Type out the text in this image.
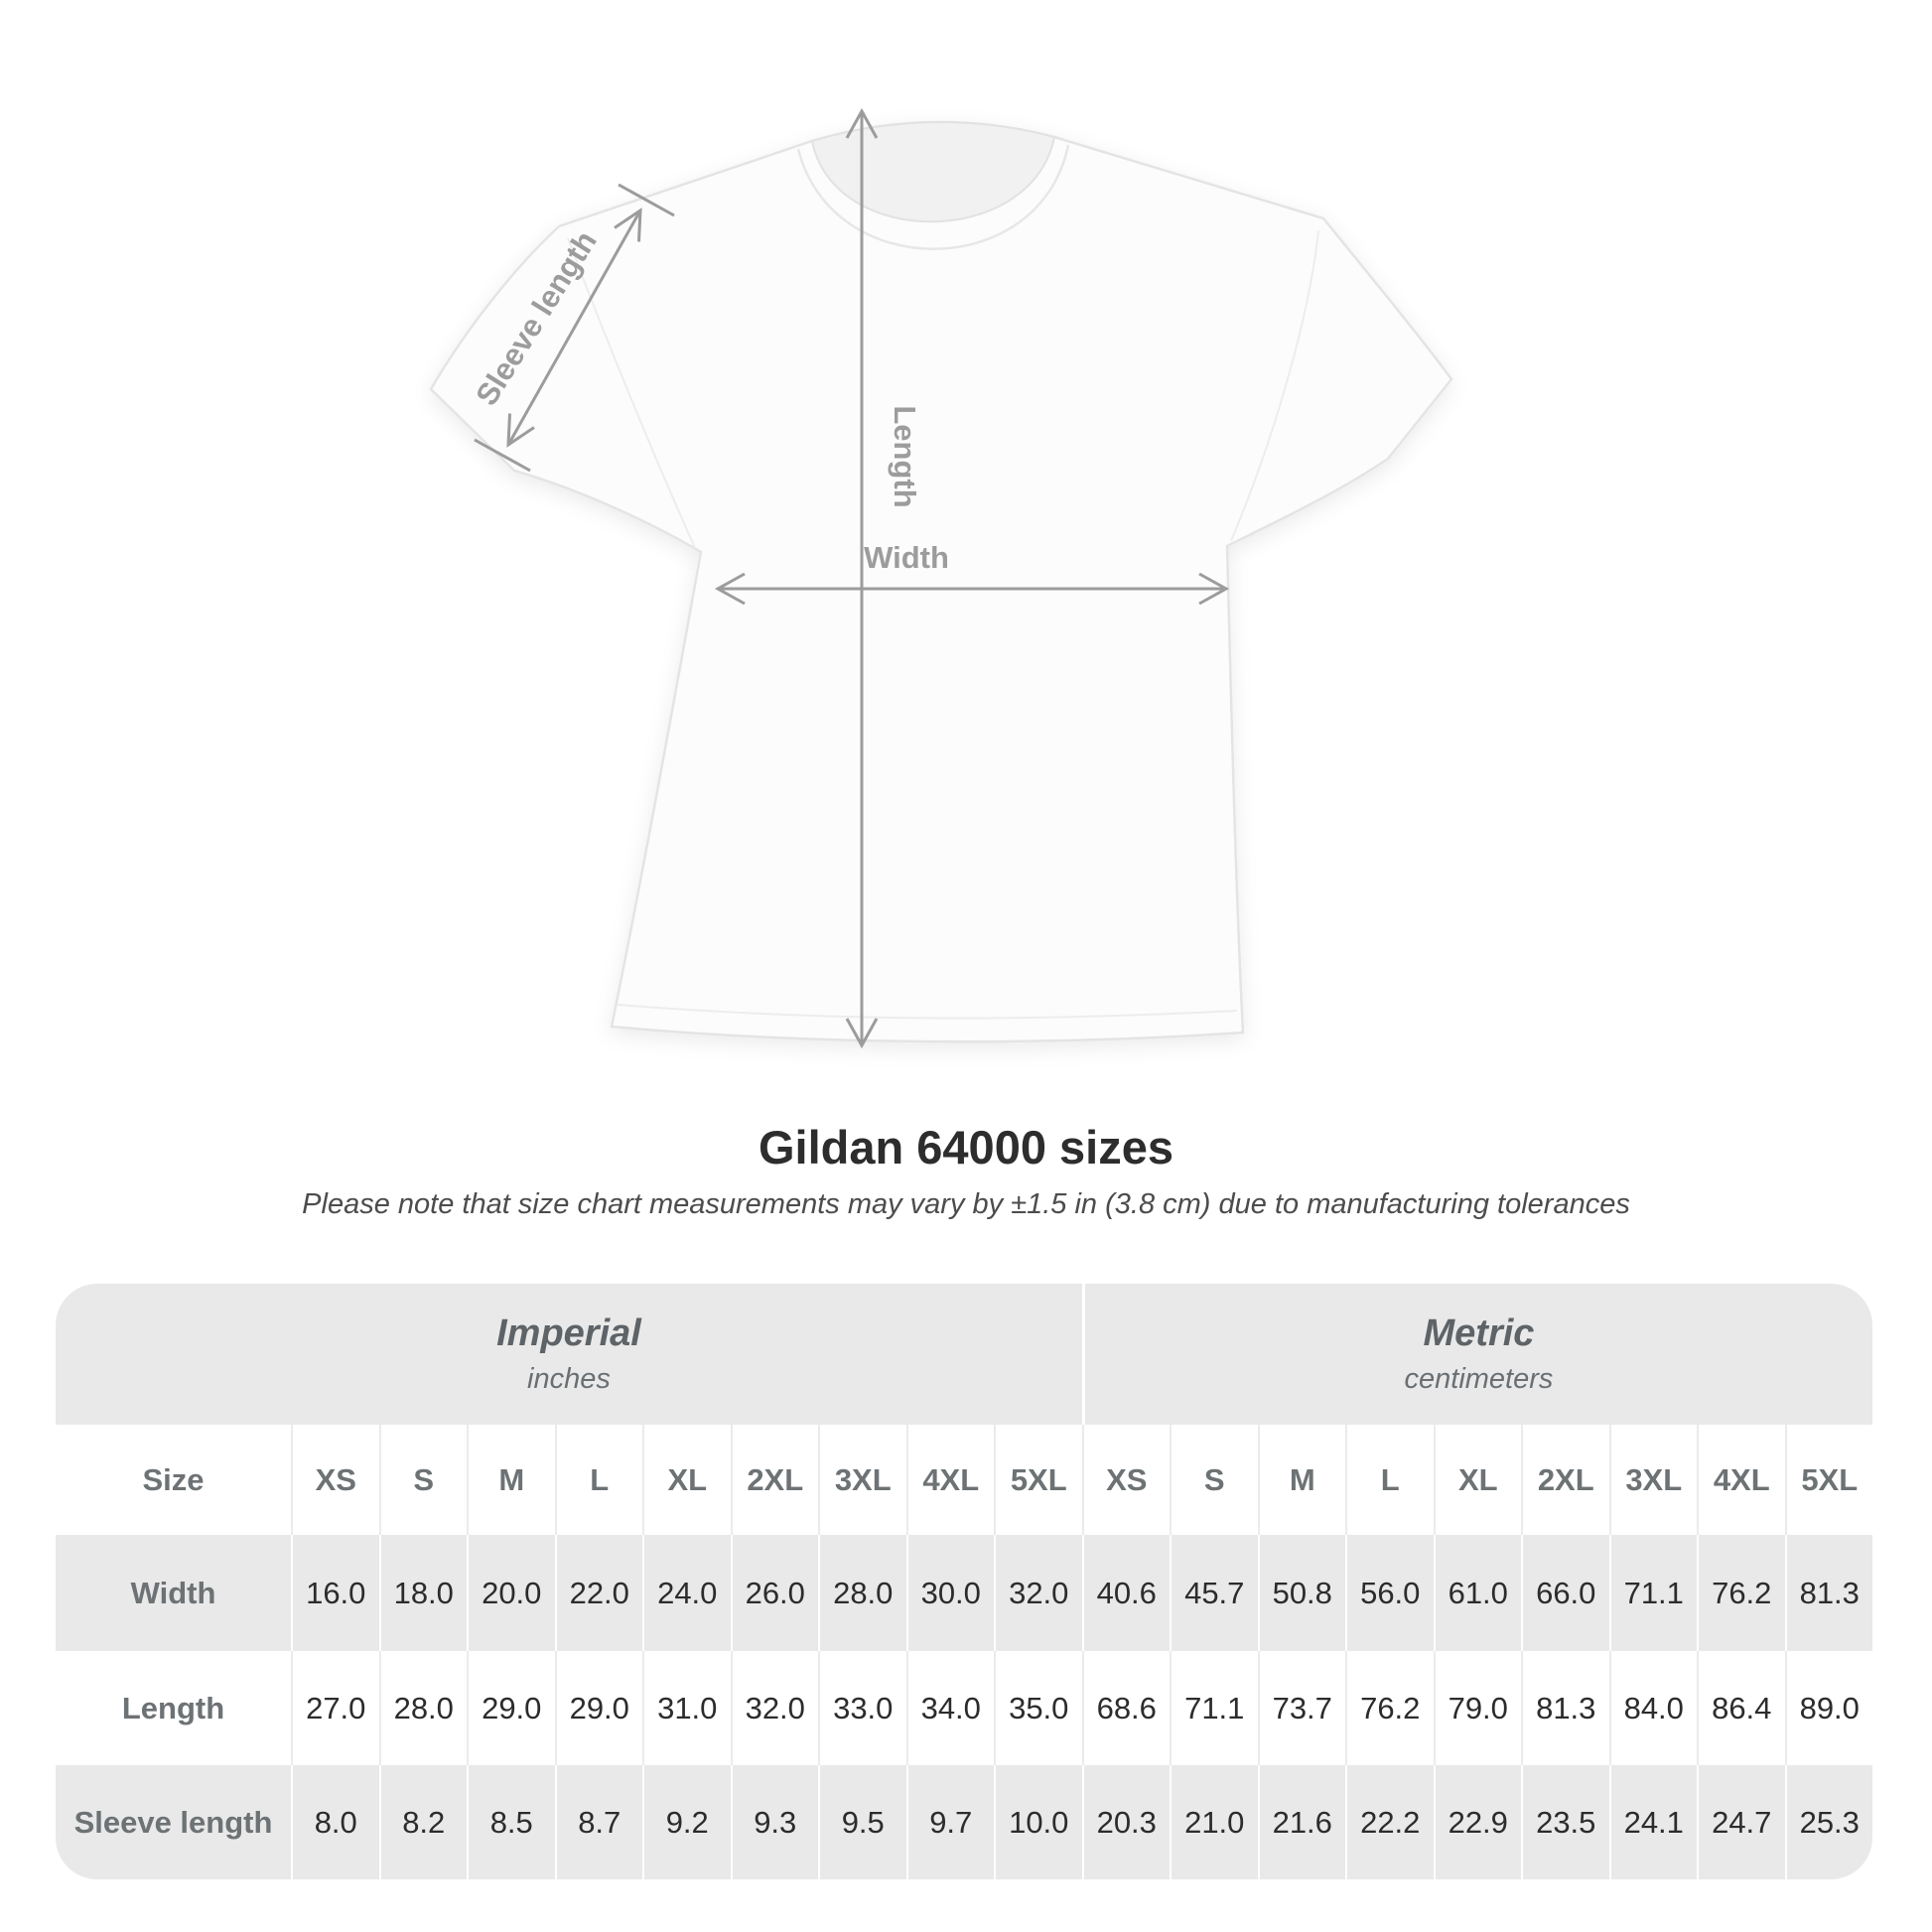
Sleeve length
Length
Width
Gildan 64000 sizes

Please note that size chart measurements may vary by ±1.5 in (3.8 cm) due to manufacturing tolerances

Imperial
inches
Metric
centimeters
Size	XS	S	M	L	XL	2XL	3XL	4XL	5XL	XS	S	M	L	XL	2XL	3XL	4XL	5XL
Width	16.0 18.0 20.0 22.0 24.0 26.0 28.0 30.0 32.0 40.6 45.7 50.8 56.0 61.0 66.0 71.1 76.2 81.3
Length	27.0 28.0 29.0 29.0 31.0 32.0 33.0 34.0 35.0 68.6 71.1 73.7 76.2 79.0 81.3 84.0 86.4 89.0
Sleeve length	8.0	8.2	8.5	8.7	9.2	9.3	9.5	9.7	10.0 20.3 21.0 21.6 22.2 22.9 23.5 24.1 24.7 25.3
